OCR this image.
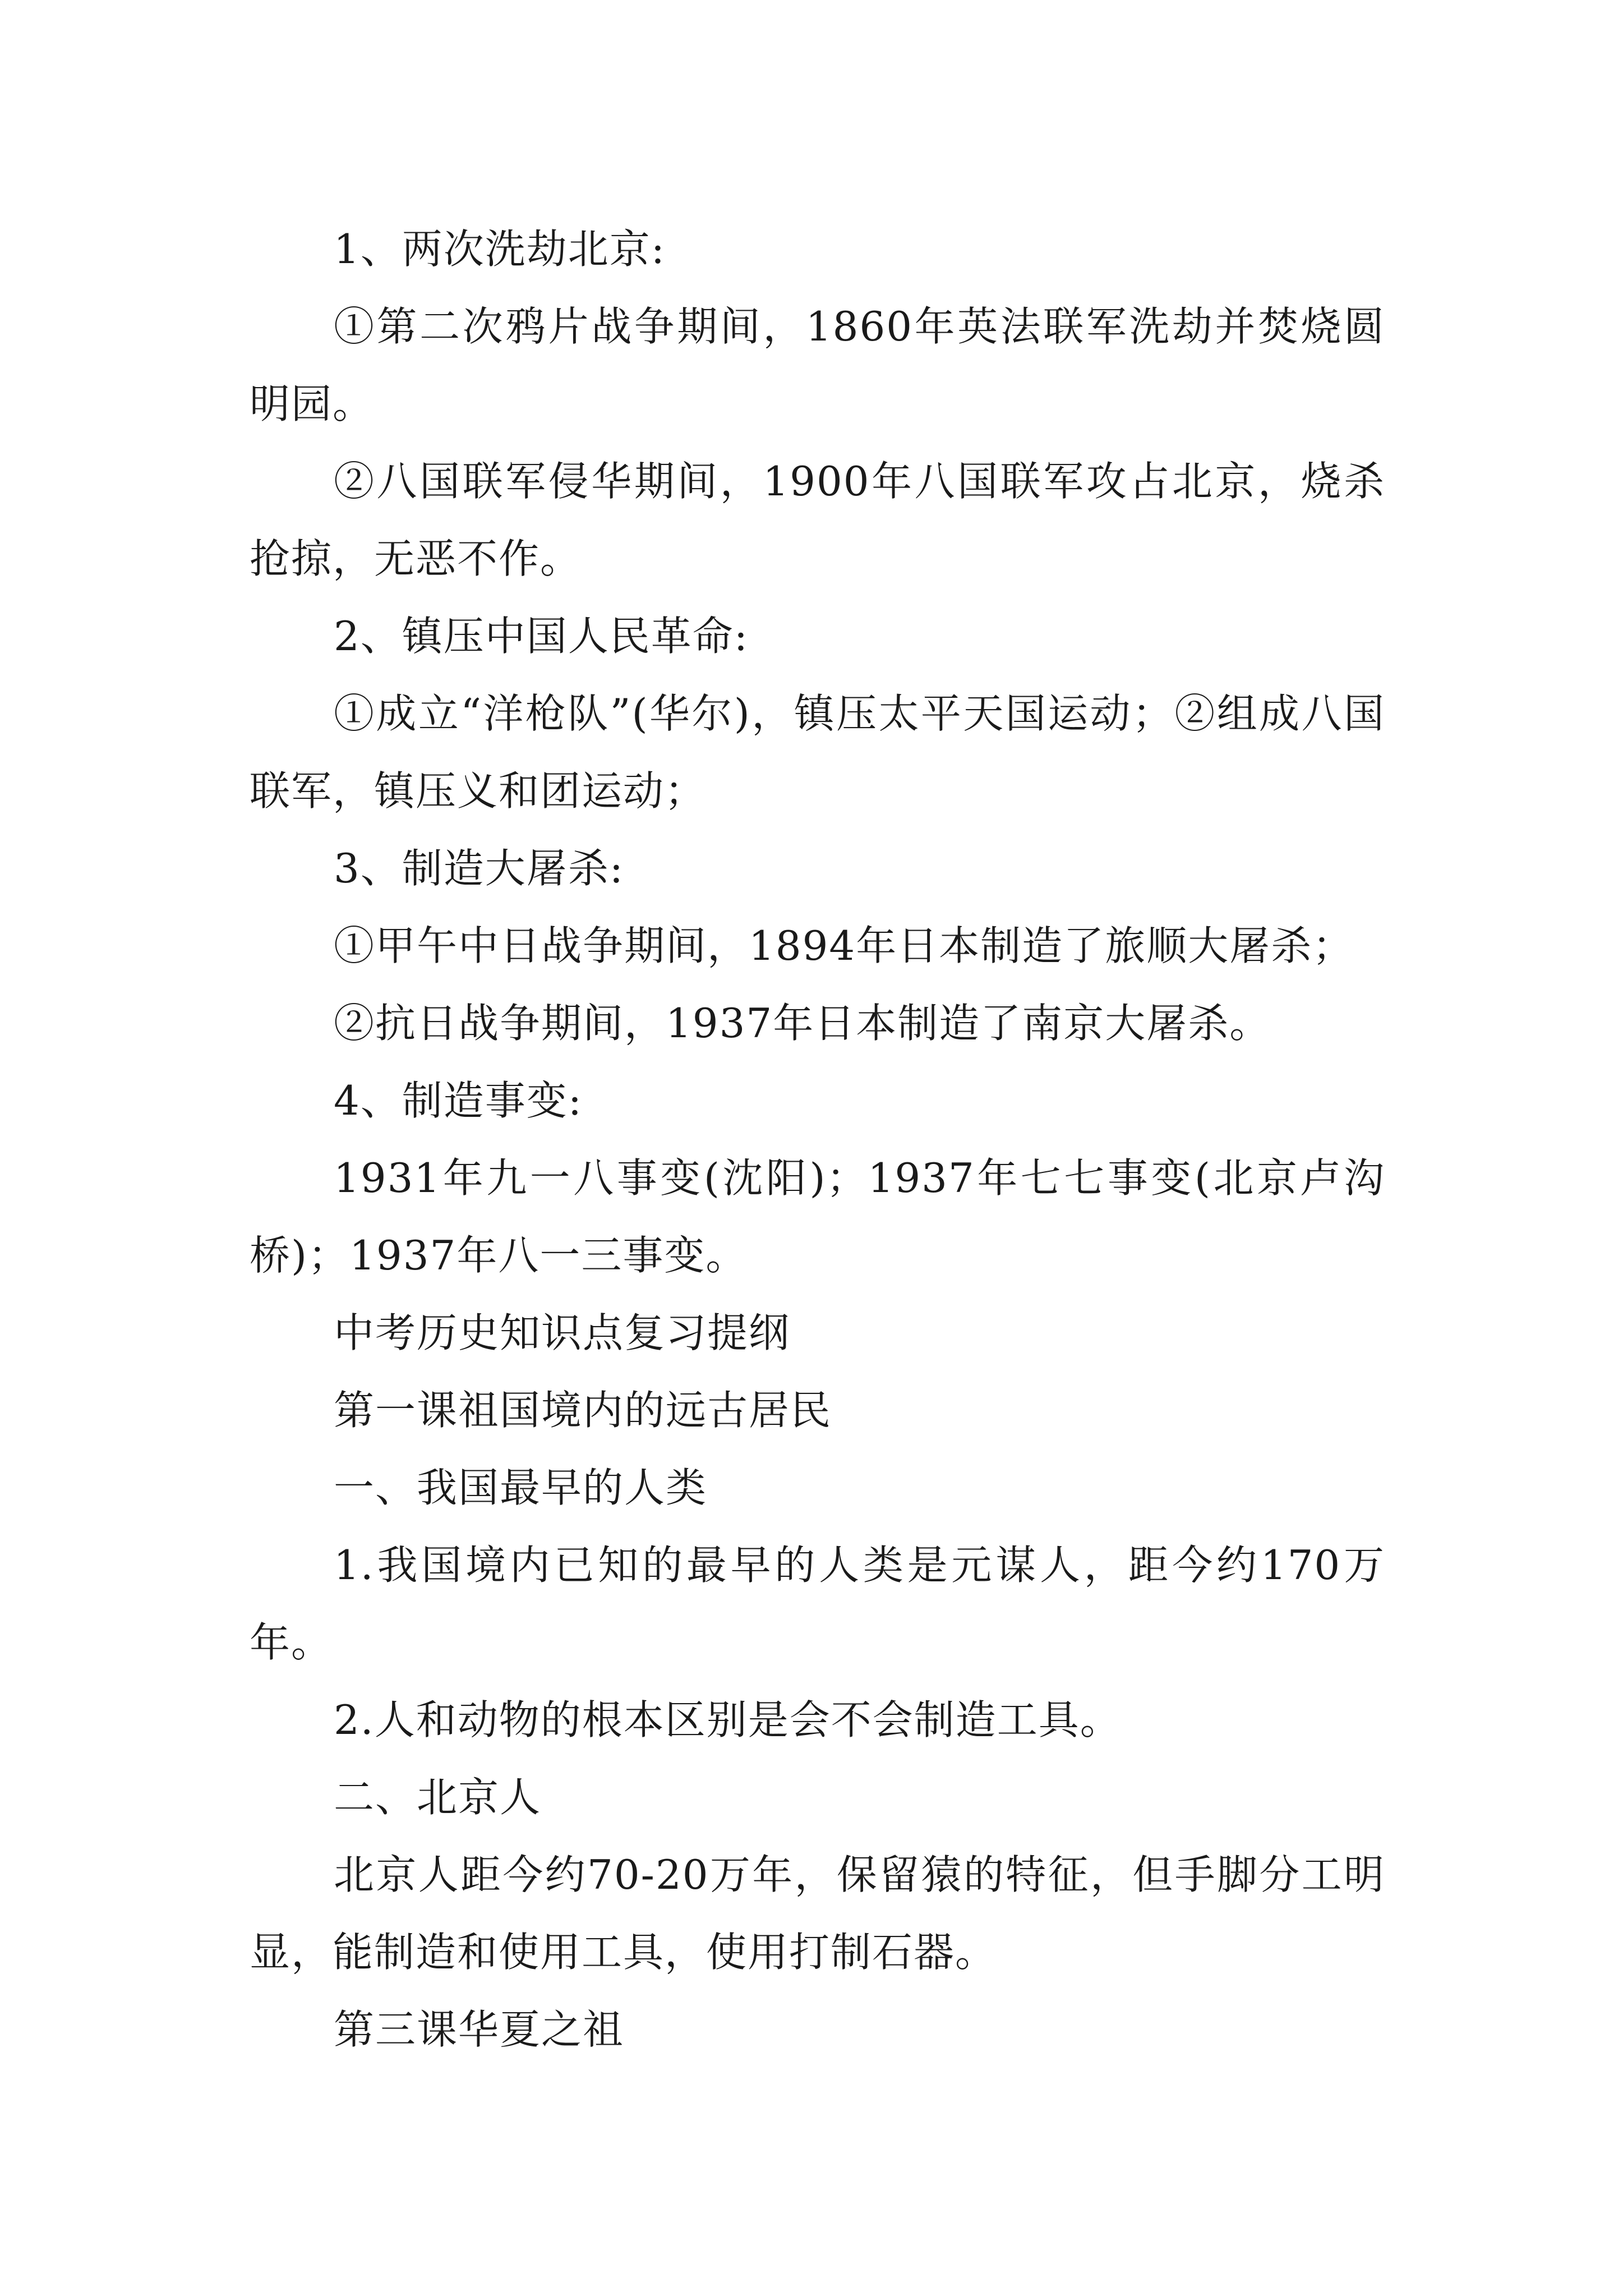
1、两次洗劫北京:

①第二次鸦片战争期间，1860年英法联军洗劫并焚烧圆明园。

②八国联军侵华期间，1900年八国联军攻占北京，烧杀抢掠，无恶不作。

2、镇压中国人民革命:

①成立“洋枪队”(华尔)，镇压太平天国运动；②组成八国联军，镇压义和团运动；

3、制造大屠杀:

①甲午中日战争期间，1894年日本制造了旅顺大屠杀；

②抗日战争期间，1937年日本制造了南京大屠杀。

4、制造事变:

1931年九一八事变(沈阳)；1937年七七事变(北京卢沟桥)；1937年八一三事变。

中考历史知识点复习提纲

第一课祖国境内的远古居民

一、我国最早的人类

1.我国境内已知的最早的人类是元谋人，距今约170万年。

2.人和动物的根本区别是会不会制造工具。

二、北京人

北京人距今约70-20万年，保留猿的特征，但手脚分工明显，能制造和使用工具，使用打制石器。

第三课华夏之祖
